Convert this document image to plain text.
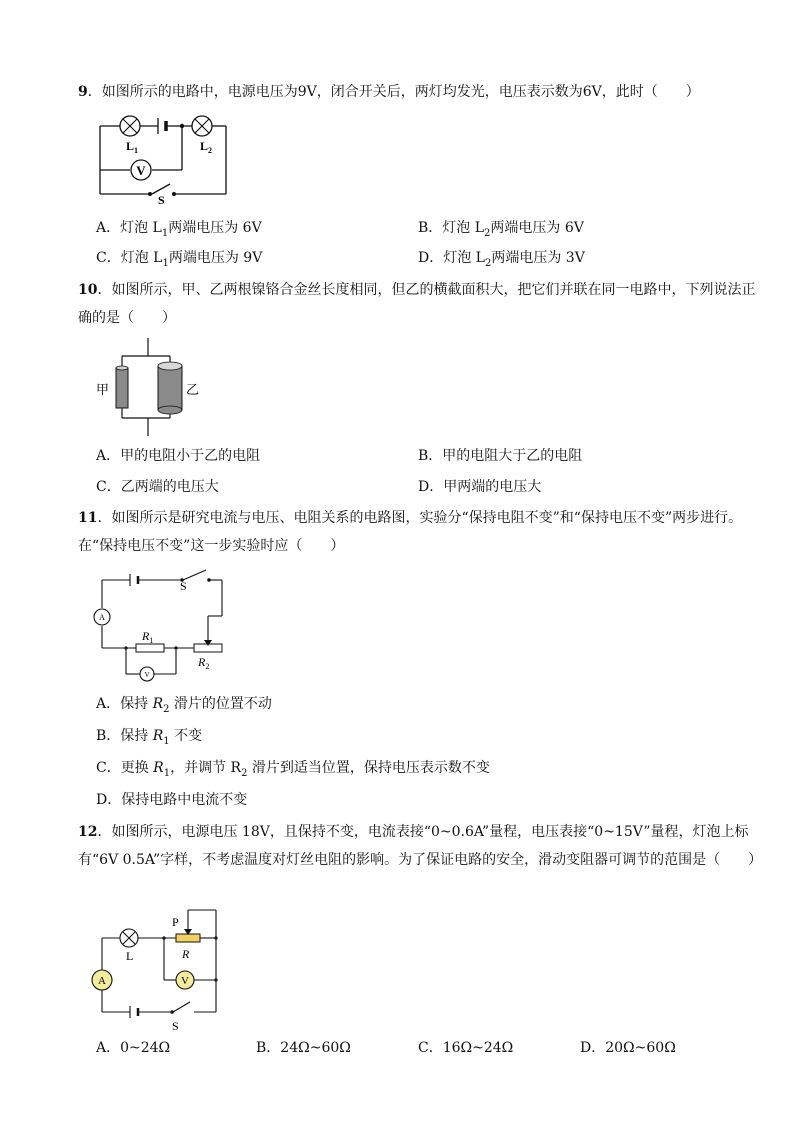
9．如图所示的电路中，电源电压为9V，闭合开关后，两灯均发光，电压表示数为6V，此时（　　）
V
$L_1$	$L_2$
S
A．灯泡 $L_1$两端电压为 6V	B．灯泡 $L_2$两端电压为 6V
C．灯泡 $L_1$两端电压为 9V	D．灯泡 $L_2$两端电压为 3V
10．如图所示，甲、乙两根镍铬合金丝长度相同，但乙的横截面积大，把它们并联在同一电路中，下列说法正确的是（　　）
甲	乙
A．甲的电阻小于乙的电阻	B．甲的电阻大于乙的电阻
C．乙两端的电压大	D．甲两端的电压大
11．如图所示是研究电流与电压、电阻关系的电路图，实验分“保持电阻不变”和“保持电压不变”两步进行。在“保持电压不变”这一步实验时应（　　）
A
V
S
$R_1$
$R_2$
A．保持 $R_2$ 滑片的位置不动
B．保持 $R_1$ 不变
C．更换 $R_1$，并调节 $R_2$ 滑片到适当位置，保持电压表示数不变
D．保持电路中电流不变
12．如图所示，电源电压 18V，且保持不变，电流表接“0~0.6A”量程，电压表接“0~15V”量程，灯泡上标有“6V 0.5A”字样，不考虑温度对灯丝电阻的影响。为了保证电路的安全，滑动变阻器可调节的范围是（　　）
A	V
P
R
L
S
A．0~24Ω	B．24Ω~60Ω	C．16Ω~24Ω	D．20Ω~60Ω
